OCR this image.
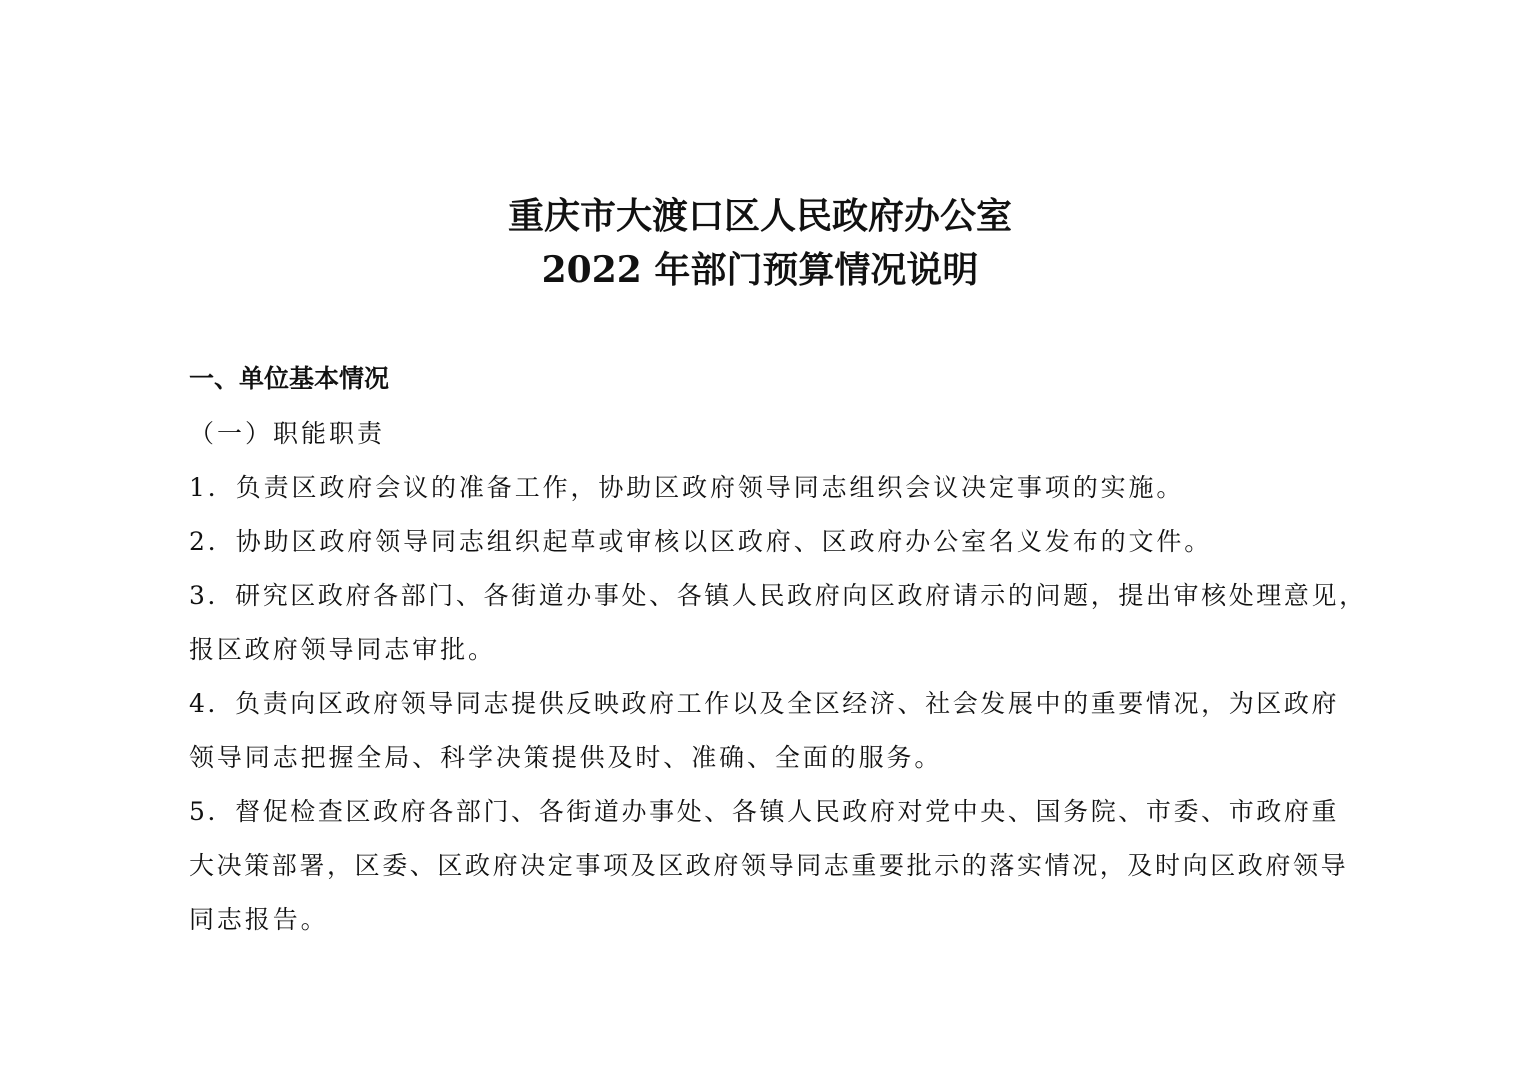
重庆市大渡口区人民政府办公室
2022 年部门预算情况说明
一、单位基本情况
（一）职能职责
1．负责区政府会议的准备工作，协助区政府领导同志组织会议决定事项的实施。
2．协助区政府领导同志组织起草或审核以区政府、区政府办公室名义发布的文件。
3．研究区政府各部门、各街道办事处、各镇人民政府向区政府请示的问题，提出审核处理意见，
报区政府领导同志审批。
4．负责向区政府领导同志提供反映政府工作以及全区经济、社会发展中的重要情况，为区政府
领导同志把握全局、科学决策提供及时、准确、全面的服务。
5．督促检查区政府各部门、各街道办事处、各镇人民政府对党中央、国务院、市委、市政府重
大决策部署，区委、区政府决定事项及区政府领导同志重要批示的落实情况，及时向区政府领导
同志报告。
